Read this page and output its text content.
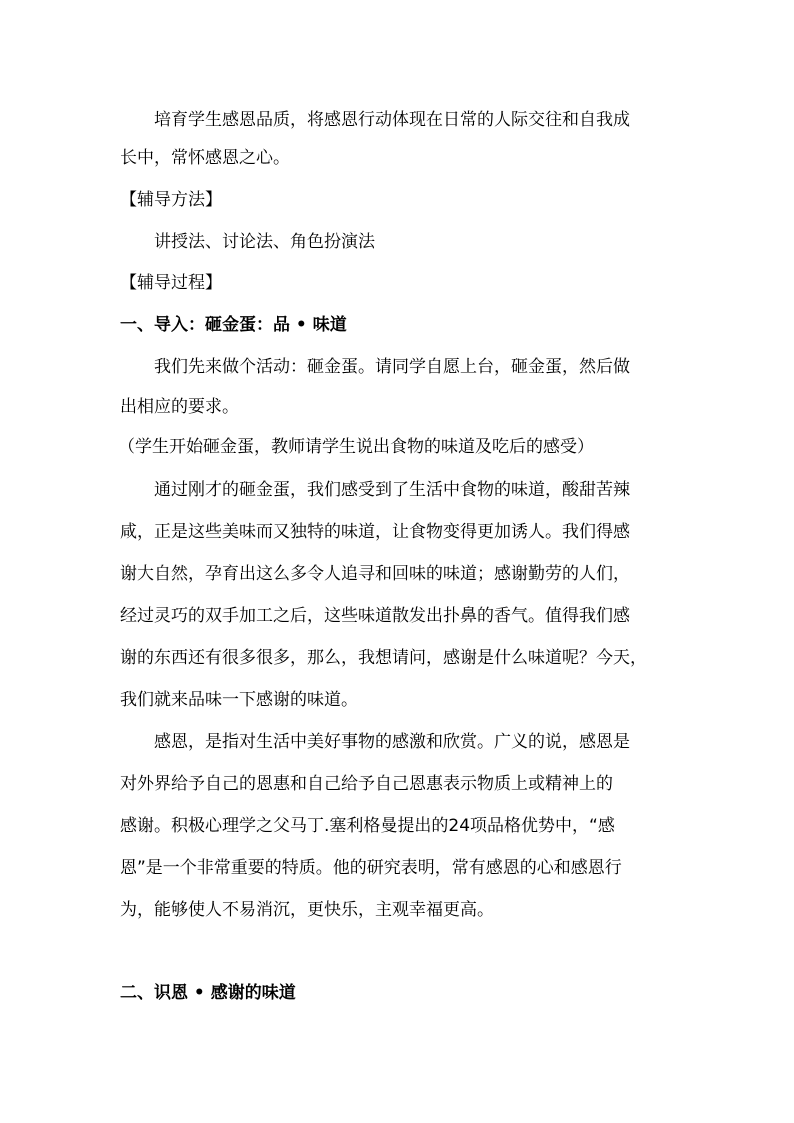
培育学生感恩品质，将感恩行动体现在日常的人际交往和自我成
长中，常怀感恩之心。
【辅导方法】
讲授法、讨论法、角色扮演法
【辅导过程】
一、导入：砸金蛋：品 • 味道
我们先来做个活动：砸金蛋。请同学自愿上台，砸金蛋，然后做
出相应的要求。
（学生开始砸金蛋，教师请学生说出食物的味道及吃后的感受）
通过刚才的砸金蛋，我们感受到了生活中食物的味道，酸甜苦辣
咸，正是这些美味而又独特的味道，让食物变得更加诱人。我们得感
谢大自然，孕育出这么多令人追寻和回味的味道；感谢勤劳的人们，
经过灵巧的双手加工之后，这些味道散发出扑鼻的香气。值得我们感
谢的东西还有很多很多，那么，我想请问，感谢是什么味道呢？今天，
我们就来品味一下感谢的味道。
感恩，是指对生活中美好事物的感激和欣赏。广义的说，感恩是
对外界给予自己的恩惠和自己给予自己恩惠表示物质上或精神上的
感谢。积极心理学之父马丁.塞利格曼提出的24项品格优势中，“感
恩”是一个非常重要的特质。他的研究表明，常有感恩的心和感恩行
为，能够使人不易消沉，更快乐，主观幸福更高。
二、识恩 • 感谢的味道
